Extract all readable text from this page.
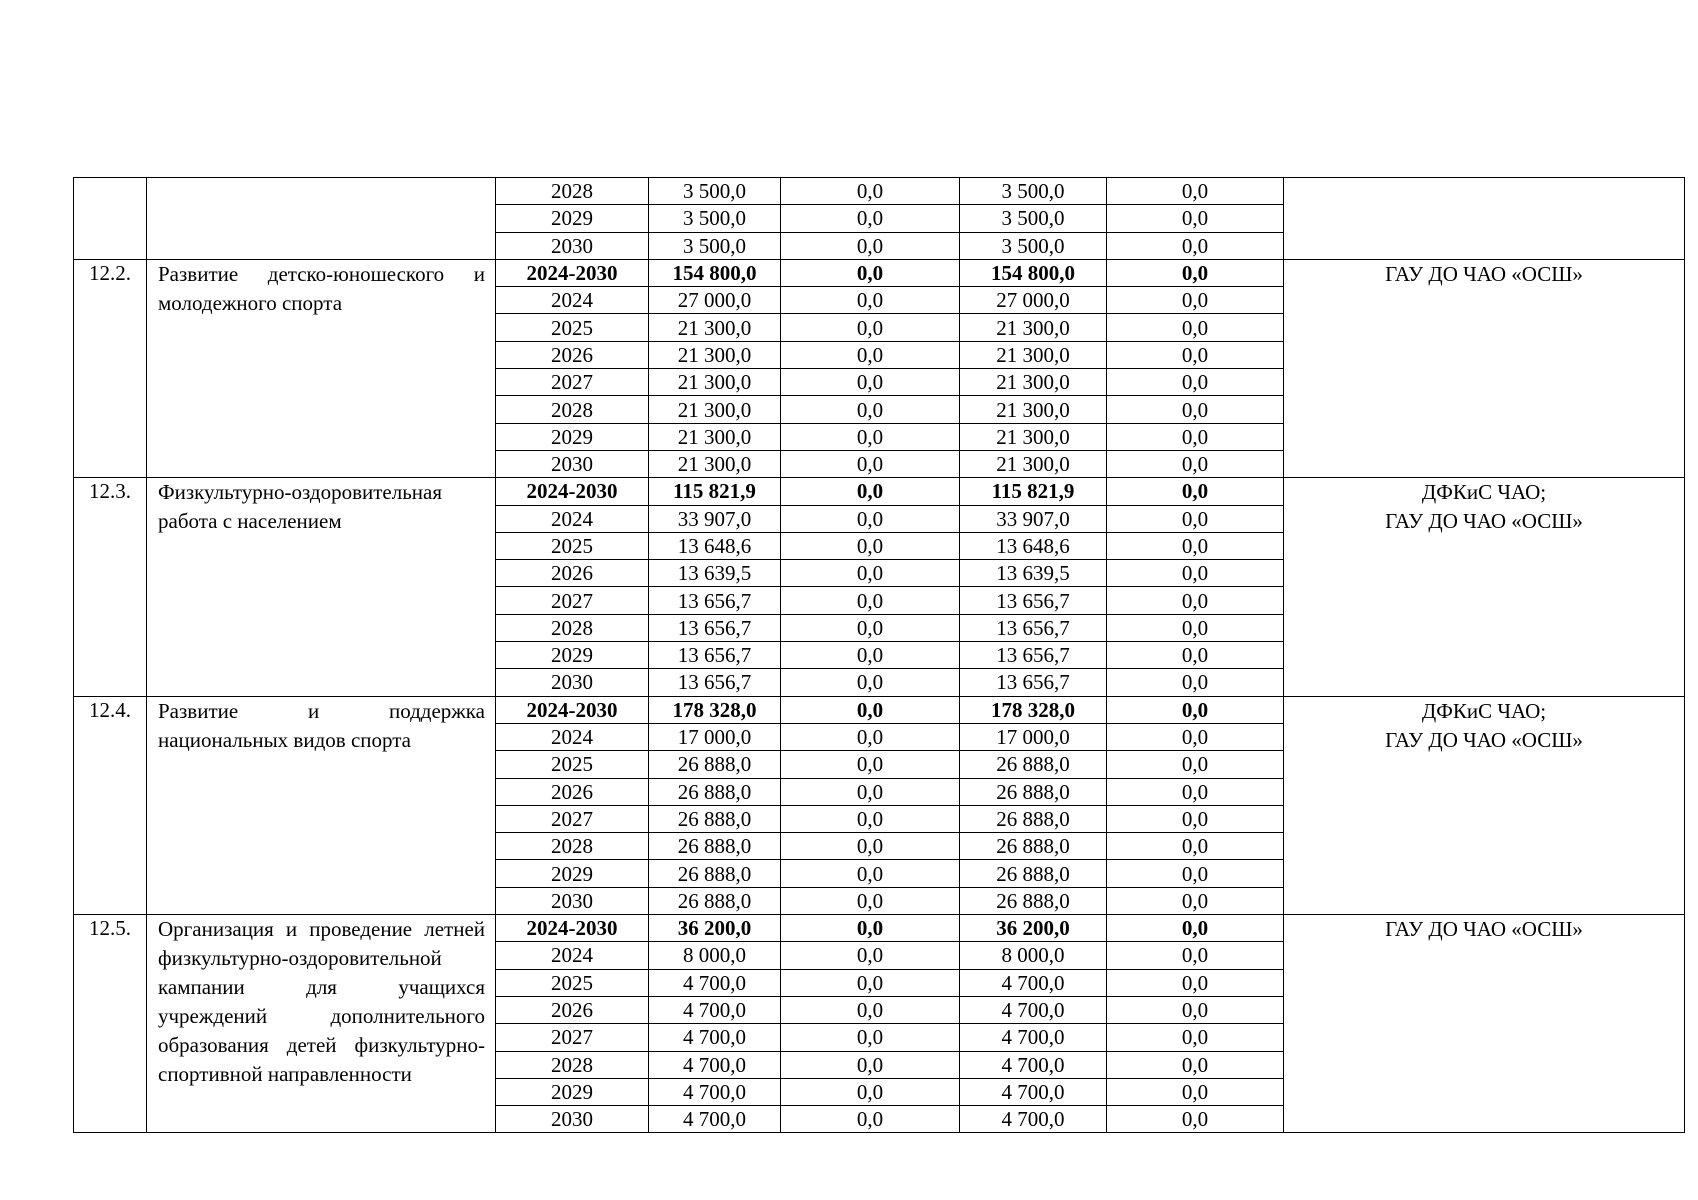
		2028	3 500,0	0,0	3 500,0	0,0	
		2029	3 500,0	0,0	3 500,0	0,0	
		2030	3 500,0	0,0	3 500,0	0,0	
12.2.	Развитие детско-юношеского и молодежного спорта	2024-2030	154 800,0	0,0	154 800,0	0,0	ГАУ ДО ЧАО «ОСШ»

		2024	27 000,0	0,0	27 000,0	0,0	
		2025	21 300,0	0,0	21 300,0	0,0	
		2026	21 300,0	0,0	21 300,0	0,0	
		2027	21 300,0	0,0	21 300,0	0,0	
		2028	21 300,0	0,0	21 300,0	0,0	
		2029	21 300,0	0,0	21 300,0	0,0	
		2030	21 300,0	0,0	21 300,0	0,0	
12.3.	Физкультурно-оздоровительная работа с населением	2024-2030	115 821,9	0,0	115 821,9	0,0	ДФКиС ЧАО;
ГАУ ДО ЧАО «ОСШ»

		2024	33 907,0	0,0	33 907,0	0,0	
		2025	13 648,6	0,0	13 648,6	0,0	
		2026	13 639,5	0,0	13 639,5	0,0	
		2027	13 656,7	0,0	13 656,7	0,0	
		2028	13 656,7	0,0	13 656,7	0,0	
		2029	13 656,7	0,0	13 656,7	0,0	
		2030	13 656,7	0,0	13 656,7	0,0	
12.4.	Развитие и поддержка национальных видов спорта	2024-2030	178 328,0	0,0	178 328,0	0,0	ДФКиС ЧАО;
ГАУ ДО ЧАО «ОСШ»

		2024	17 000,0	0,0	17 000,0	0,0	
		2025	26 888,0	0,0	26 888,0	0,0	
		2026	26 888,0	0,0	26 888,0	0,0	
		2027	26 888,0	0,0	26 888,0	0,0	
		2028	26 888,0	0,0	26 888,0	0,0	
		2029	26 888,0	0,0	26 888,0	0,0	
		2030	26 888,0	0,0	26 888,0	0,0	
12.5.	Организация и проведение летней физкультурно-оздоровительной кампании для учащихся учреждений дополнительного образования детей физкультурно-спортивной направленности	2024-2030	36 200,0	0,0	36 200,0	0,0	ГАУ ДО ЧАО «ОСШ»

		2024	8 000,0	0,0	8 000,0	0,0	
		2025	4 700,0	0,0	4 700,0	0,0	
		2026	4 700,0	0,0	4 700,0	0,0	
		2027	4 700,0	0,0	4 700,0	0,0	
		2028	4 700,0	0,0	4 700,0	0,0	
		2029	4 700,0	0,0	4 700,0	0,0	
		2030	4 700,0	0,0	4 700,0	0,0	
